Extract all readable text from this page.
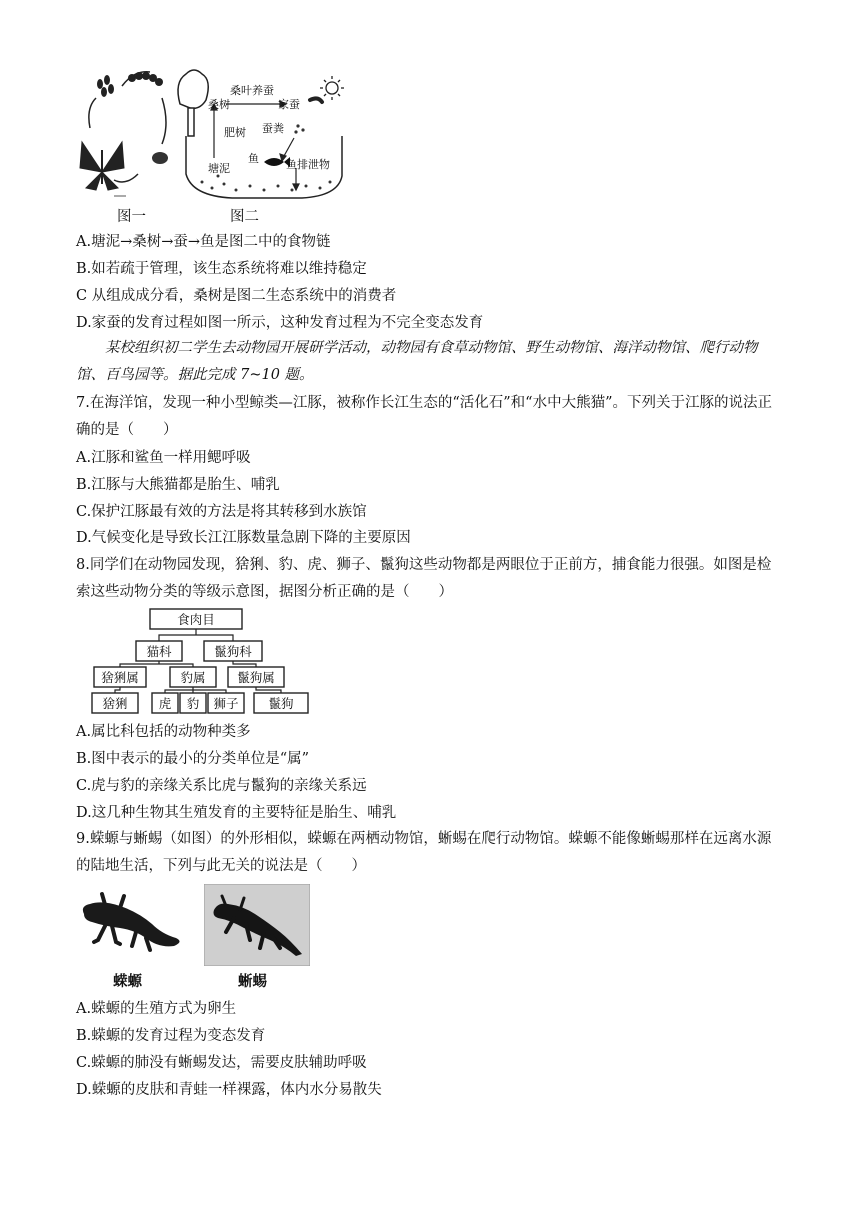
桑叶养蚕
桑树	家蚕
肥树 蚕粪
塘泥
鱼 鱼排泄物
图一	图二
A.塘泥→桑树→蚕→鱼是图二中的食物链
B.如若疏于管理，该生态系统将难以维持稳定
C 从组成成分看，桑树是图二生态系统中的消费者
D.家蚕的发育过程如图一所示，这种发育过程为不完全变态发育
某校组织初二学生去动物园开展研学活动，动物园有食草动物馆、野生动物馆、海洋动物馆、爬行动物馆、百鸟园等。据此完成 7~10 题。
7.在海洋馆，发现一种小型鲸类—江豚，被称作长江生态的“活化石”和“水中大熊猫”。下列关于江豚的说法正确的是（　　）
A.江豚和鲨鱼一样用鳃呼吸
B.江豚与大熊猫都是胎生、哺乳
C.保护江豚最有效的方法是将其转移到水族馆
D.气候变化是导致长江江豚数量急剧下降的主要原因
8.同学们在动物园发现，猞猁、豹、虎、狮子、鬣狗这些动物都是两眼位于正前方，捕食能力很强。如图是检索这些动物分类的等级示意图，据图分析正确的是（　　）
食肉目
猫科	鬣狗科
猞猁属	豹属	鬣狗属
猞猁 虎 豹 狮子 鬣狗
A.属比科包括的动物种类多
B.图中表示的最小的分类单位是“属”
C.虎与豹的亲缘关系比虎与鬣狗的亲缘关系远
D.这几种生物其生殖发育的主要特征是胎生、哺乳
9.蝾螈与蜥蜴（如图）的外形相似，蝾螈在两栖动物馆，蜥蜴在爬行动物馆。蝾螈不能像蜥蜴那样在远离水源的陆地生活，下列与此无关的说法是（　　）
蝾螈	蜥蜴
A.蝾螈的生殖方式为卵生
B.蝾螈的发育过程为变态发育
C.蝾螈的肺没有蜥蜴发达，需要皮肤辅助呼吸
D.蝾螈的皮肤和青蛙一样裸露，体内水分易散失
